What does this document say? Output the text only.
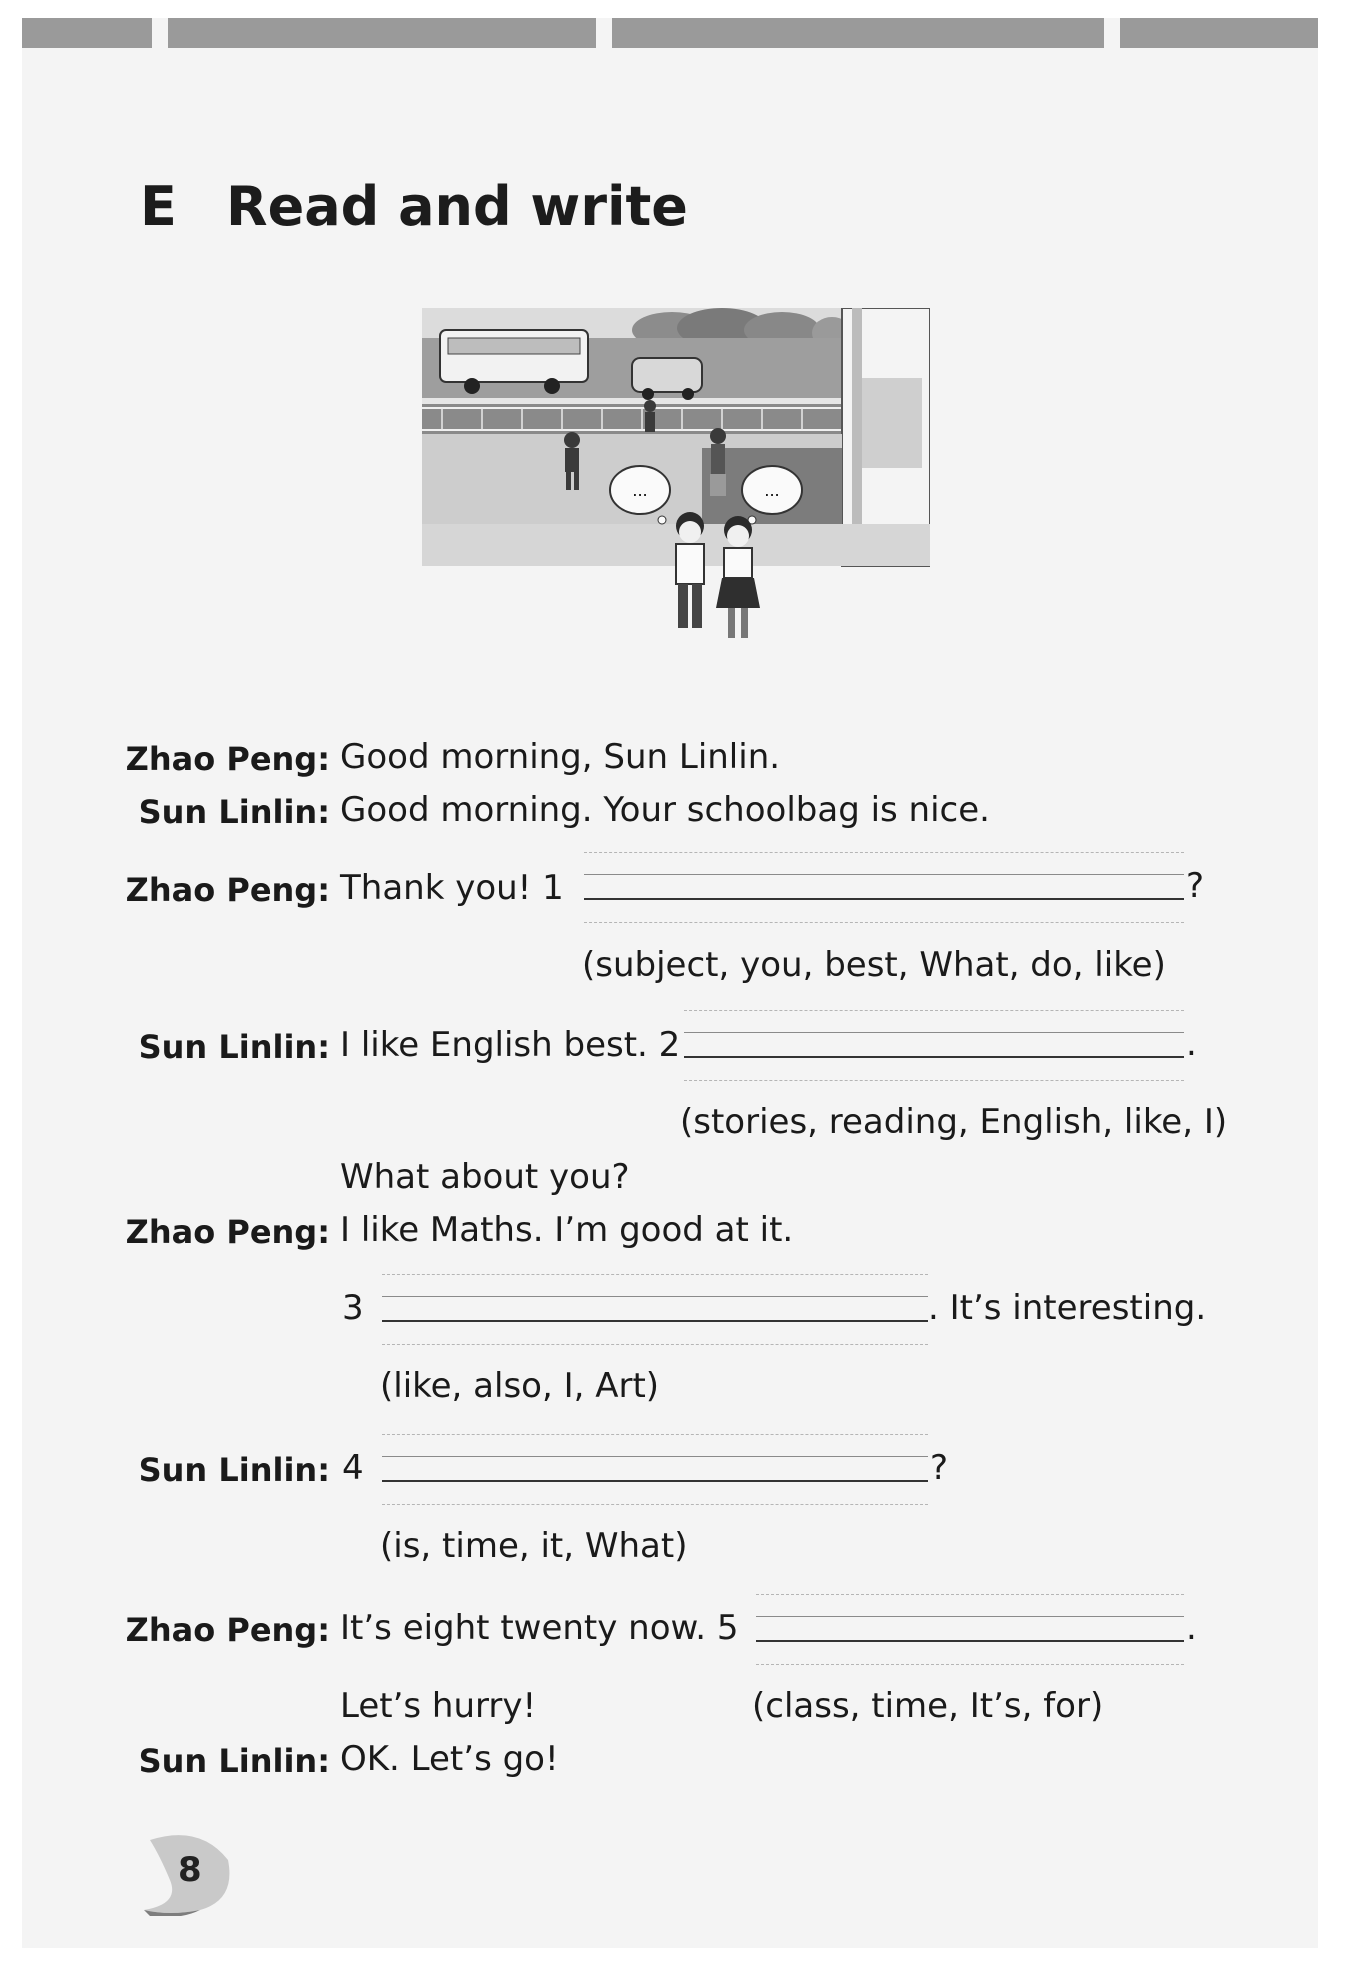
E Read and write
...	...
Zhao Peng: Good morning, Sun Linlin.
Sun Linlin: Good morning. Your schoolbag is nice.
Zhao Peng: Thank you! 1	?
(subject, you, best, What, do, like)
Sun Linlin: I like English best. 2	.
(stories, reading, English, like, I)
What about you?
Zhao Peng: I like Maths. I’m good at it.
3	. It’s interesting.
(like, also, I, Art)
Sun Linlin: 4	?
(is, time, it, What)
Zhao Peng: It’s eight twenty now. 5	.
Let’s hurry!	(class, time, It’s, for)
Sun Linlin: OK. Let’s go!
8
